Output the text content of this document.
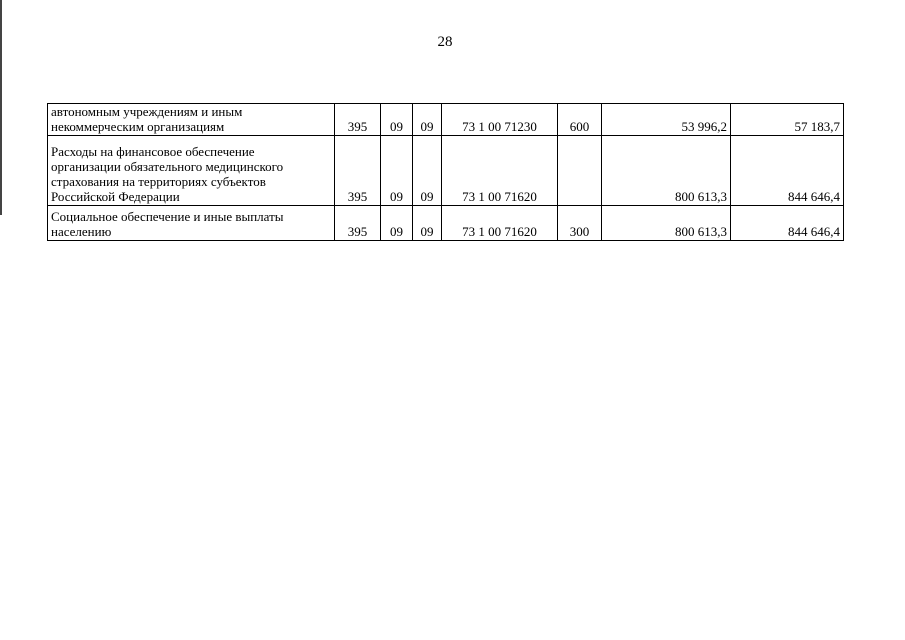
28
автономным учреждениям и иным
некоммерческим организациям	395	09	09	73 1 00 71230	600	53 996,2	57 183,7

Расходы на финансовое обеспечение
организации обязательного медицинского
страхования на территориях субъектов
Российской Федерации	395	09	09	73 1 00 71620		800 613,3	844 646,4

Социальное обеспечение и иные выплаты
населению	395	09	09	73 1 00 71620	300	800 613,3	844 646,4
